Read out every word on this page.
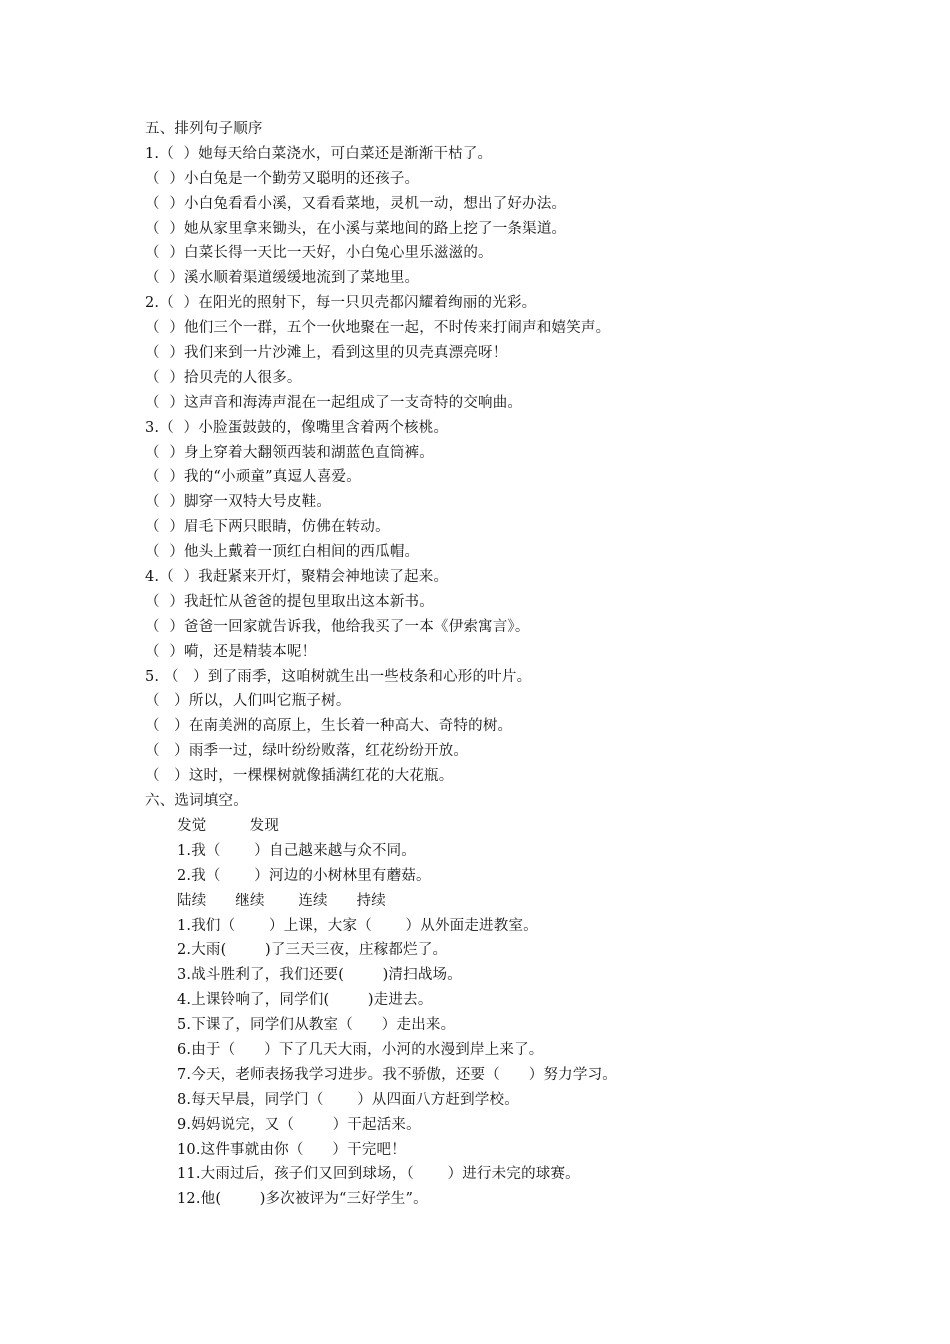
五、排列句子顺序
1.（  ）她每天给白菜浇水，可白菜还是渐渐干枯了。
（  ）小白兔是一个勤劳又聪明的还孩子。
（  ）小白兔看看小溪，又看看菜地，灵机一动，想出了好办法。
（  ）她从家里拿来锄头，在小溪与菜地间的路上挖了一条渠道。
（  ）白菜长得一天比一天好，小白兔心里乐滋滋的。
（  ）溪水顺着渠道缓缓地流到了菜地里。
2.（  ）在阳光的照射下，每一只贝壳都闪耀着绚丽的光彩。
（  ）他们三个一群，五个一伙地聚在一起，不时传来打闹声和嬉笑声。
（  ）我们来到一片沙滩上，看到这里的贝壳真漂亮呀！
（  ）拾贝壳的人很多。
（  ）这声音和海涛声混在一起组成了一支奇特的交响曲。
3.（  ）小脸蛋鼓鼓的，像嘴里含着两个核桃。
（  ）身上穿着大翻领西装和湖蓝色直筒裤。
（  ）我的“小顽童”真逗人喜爱。
（  ）脚穿一双特大号皮鞋。
（  ）眉毛下两只眼睛，仿佛在转动。
（  ）他头上戴着一顶红白相间的西瓜帽。
4.（  ）我赶紧来开灯，聚精会神地读了起来。
（  ）我赶忙从爸爸的提包里取出这本新书。
（  ）爸爸一回家就告诉我，他给我买了一本《伊索寓言》。
（  ）嗬，还是精装本呢！
5. （   ）到了雨季，这咱树就生出一些枝条和心形的叶片。
（   ）所以，人们叫它瓶子树。
（   ）在南美洲的高原上，生长着一种高大、奇特的树。
（   ）雨季一过，绿叶纷纷败落，红花纷纷开放。
（   ）这时，一棵棵树就像插满红花的大花瓶。
六、选词填空。
发觉         发现
1.我（       ）自己越来越与众不同。
2.我（       ）河边的小树林里有蘑菇。
陆续      继续       连续      持续
1.我们（       ）上课，大家（       ）从外面走进教室。
2.大雨(        )了三天三夜，庄稼都烂了。
3.战斗胜利了，我们还要(        )清扫战场。
4.上课铃响了，同学们(        )走进去。
5.下课了，同学们从教室（      ）走出来。
6.由于（      ）下了几天大雨，小河的水漫到岸上来了。
7.今天，老师表扬我学习进步。我不骄傲，还要（      ）努力学习。
8.每天早晨，同学门（       ）从四面八方赶到学校。
9.妈妈说完，又（        ）干起活来。
10.这件事就由你（      ）干完吧！
11.大雨过后，孩子们又回到球场，（       ）进行未完的球赛。
12.他(        )多次被评为“三好学生”。
